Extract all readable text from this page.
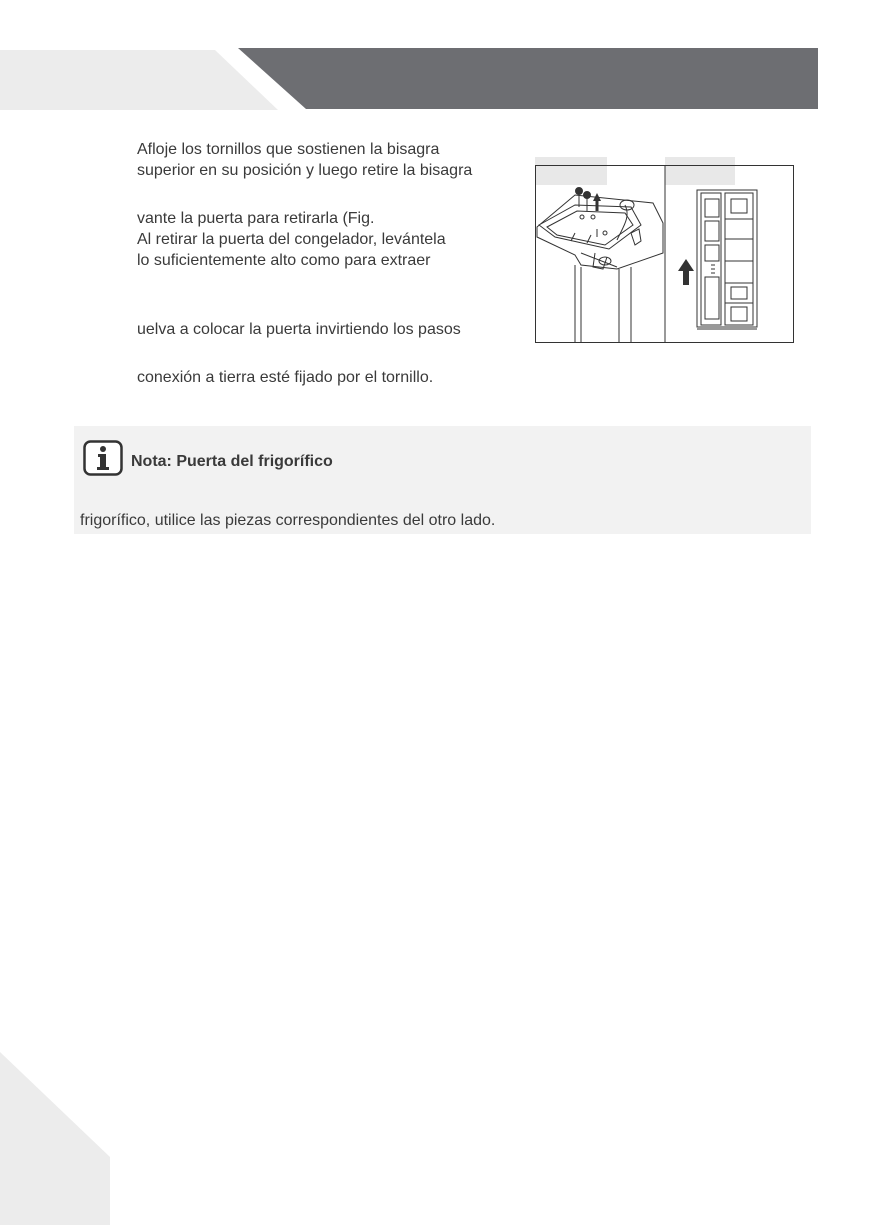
Afloje los tornillos que sostienen la bisagra

superior en su posición y luego retire la bisagra

vante la puerta para retirarla (Fig.

Al retirar la puerta del congelador, levántela

lo suficientemente alto como para extraer

uelva a colocar la puerta invirtiendo los pasos

conexión a tierra esté fijado por el tornillo.

Nota: Puerta del frigorífico

frigorífico, utilice las piezas correspondientes del otro lado.
